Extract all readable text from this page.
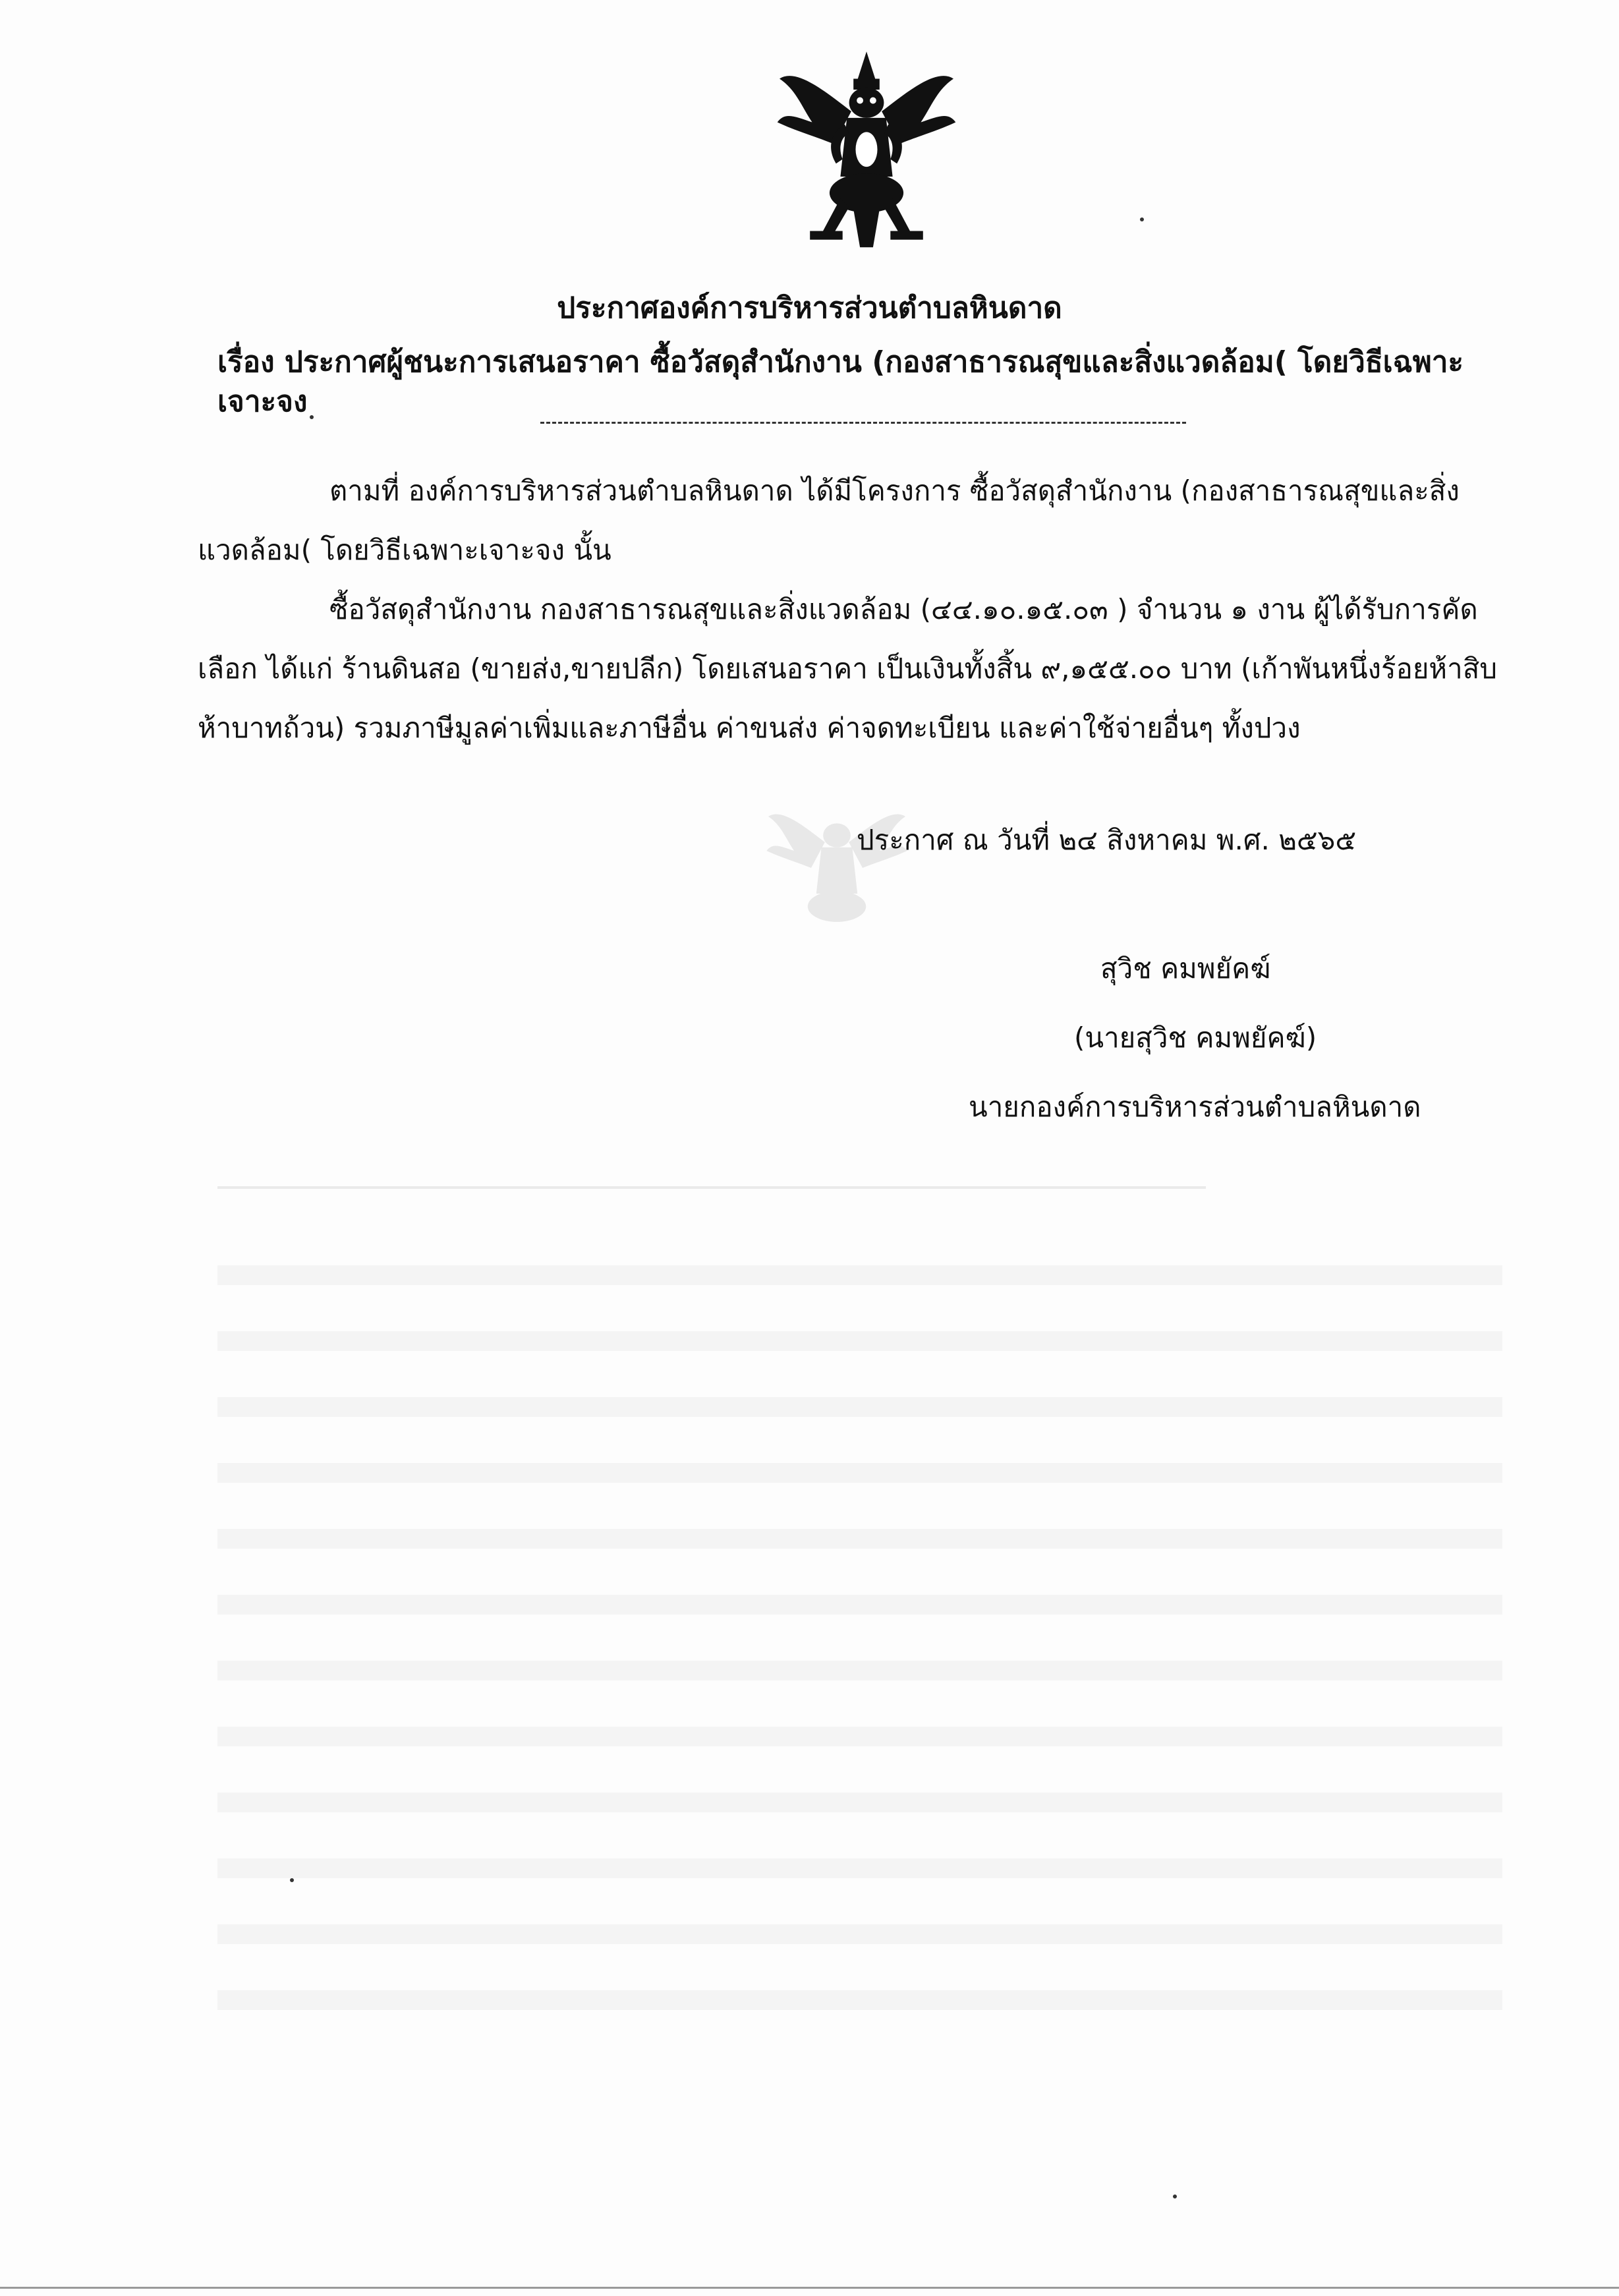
ประกาศองค์การบริหารส่วนตำบลหินดาด
เรื่อง ประกาศผู้ชนะการเสนอราคา ซื้อวัสดุสำนักงาน (กองสาธารณสุขและสิ่งแวดล้อม( โดยวิธีเฉพาะเจาะจง
ตามที่ องค์การบริหารส่วนตำบลหินดาด ได้มีโครงการ ซื้อวัสดุสำนักงาน (กองสาธารณสุขและสิ่งแวดล้อม( โดยวิธีเฉพาะเจาะจง นั้น
ซื้อวัสดุสำนักงาน กองสาธารณสุขและสิ่งแวดล้อม (๔๔.๑๐.๑๕.๐๓ ) จำนวน ๑ งาน ผู้ได้รับการคัดเลือก ได้แก่ ร้านดินสอ (ขายส่ง,ขายปลีก) โดยเสนอราคา เป็นเงินทั้งสิ้น ๙,๑๕๕.๐๐ บาท (เก้าพันหนึ่งร้อยห้าสิบห้าบาทถ้วน) รวมภาษีมูลค่าเพิ่มและภาษีอื่น ค่าขนส่ง ค่าจดทะเบียน และค่าใช้จ่ายอื่นๆ ทั้งปวง
ประกาศ ณ วันที่ ๒๔ สิงหาคม พ.ศ. ๒๕๖๕
สุวิช คมพยัคฆ์
(นายสุวิช คมพยัคฆ์)
นายกองค์การบริหารส่วนตำบลหินดาด
